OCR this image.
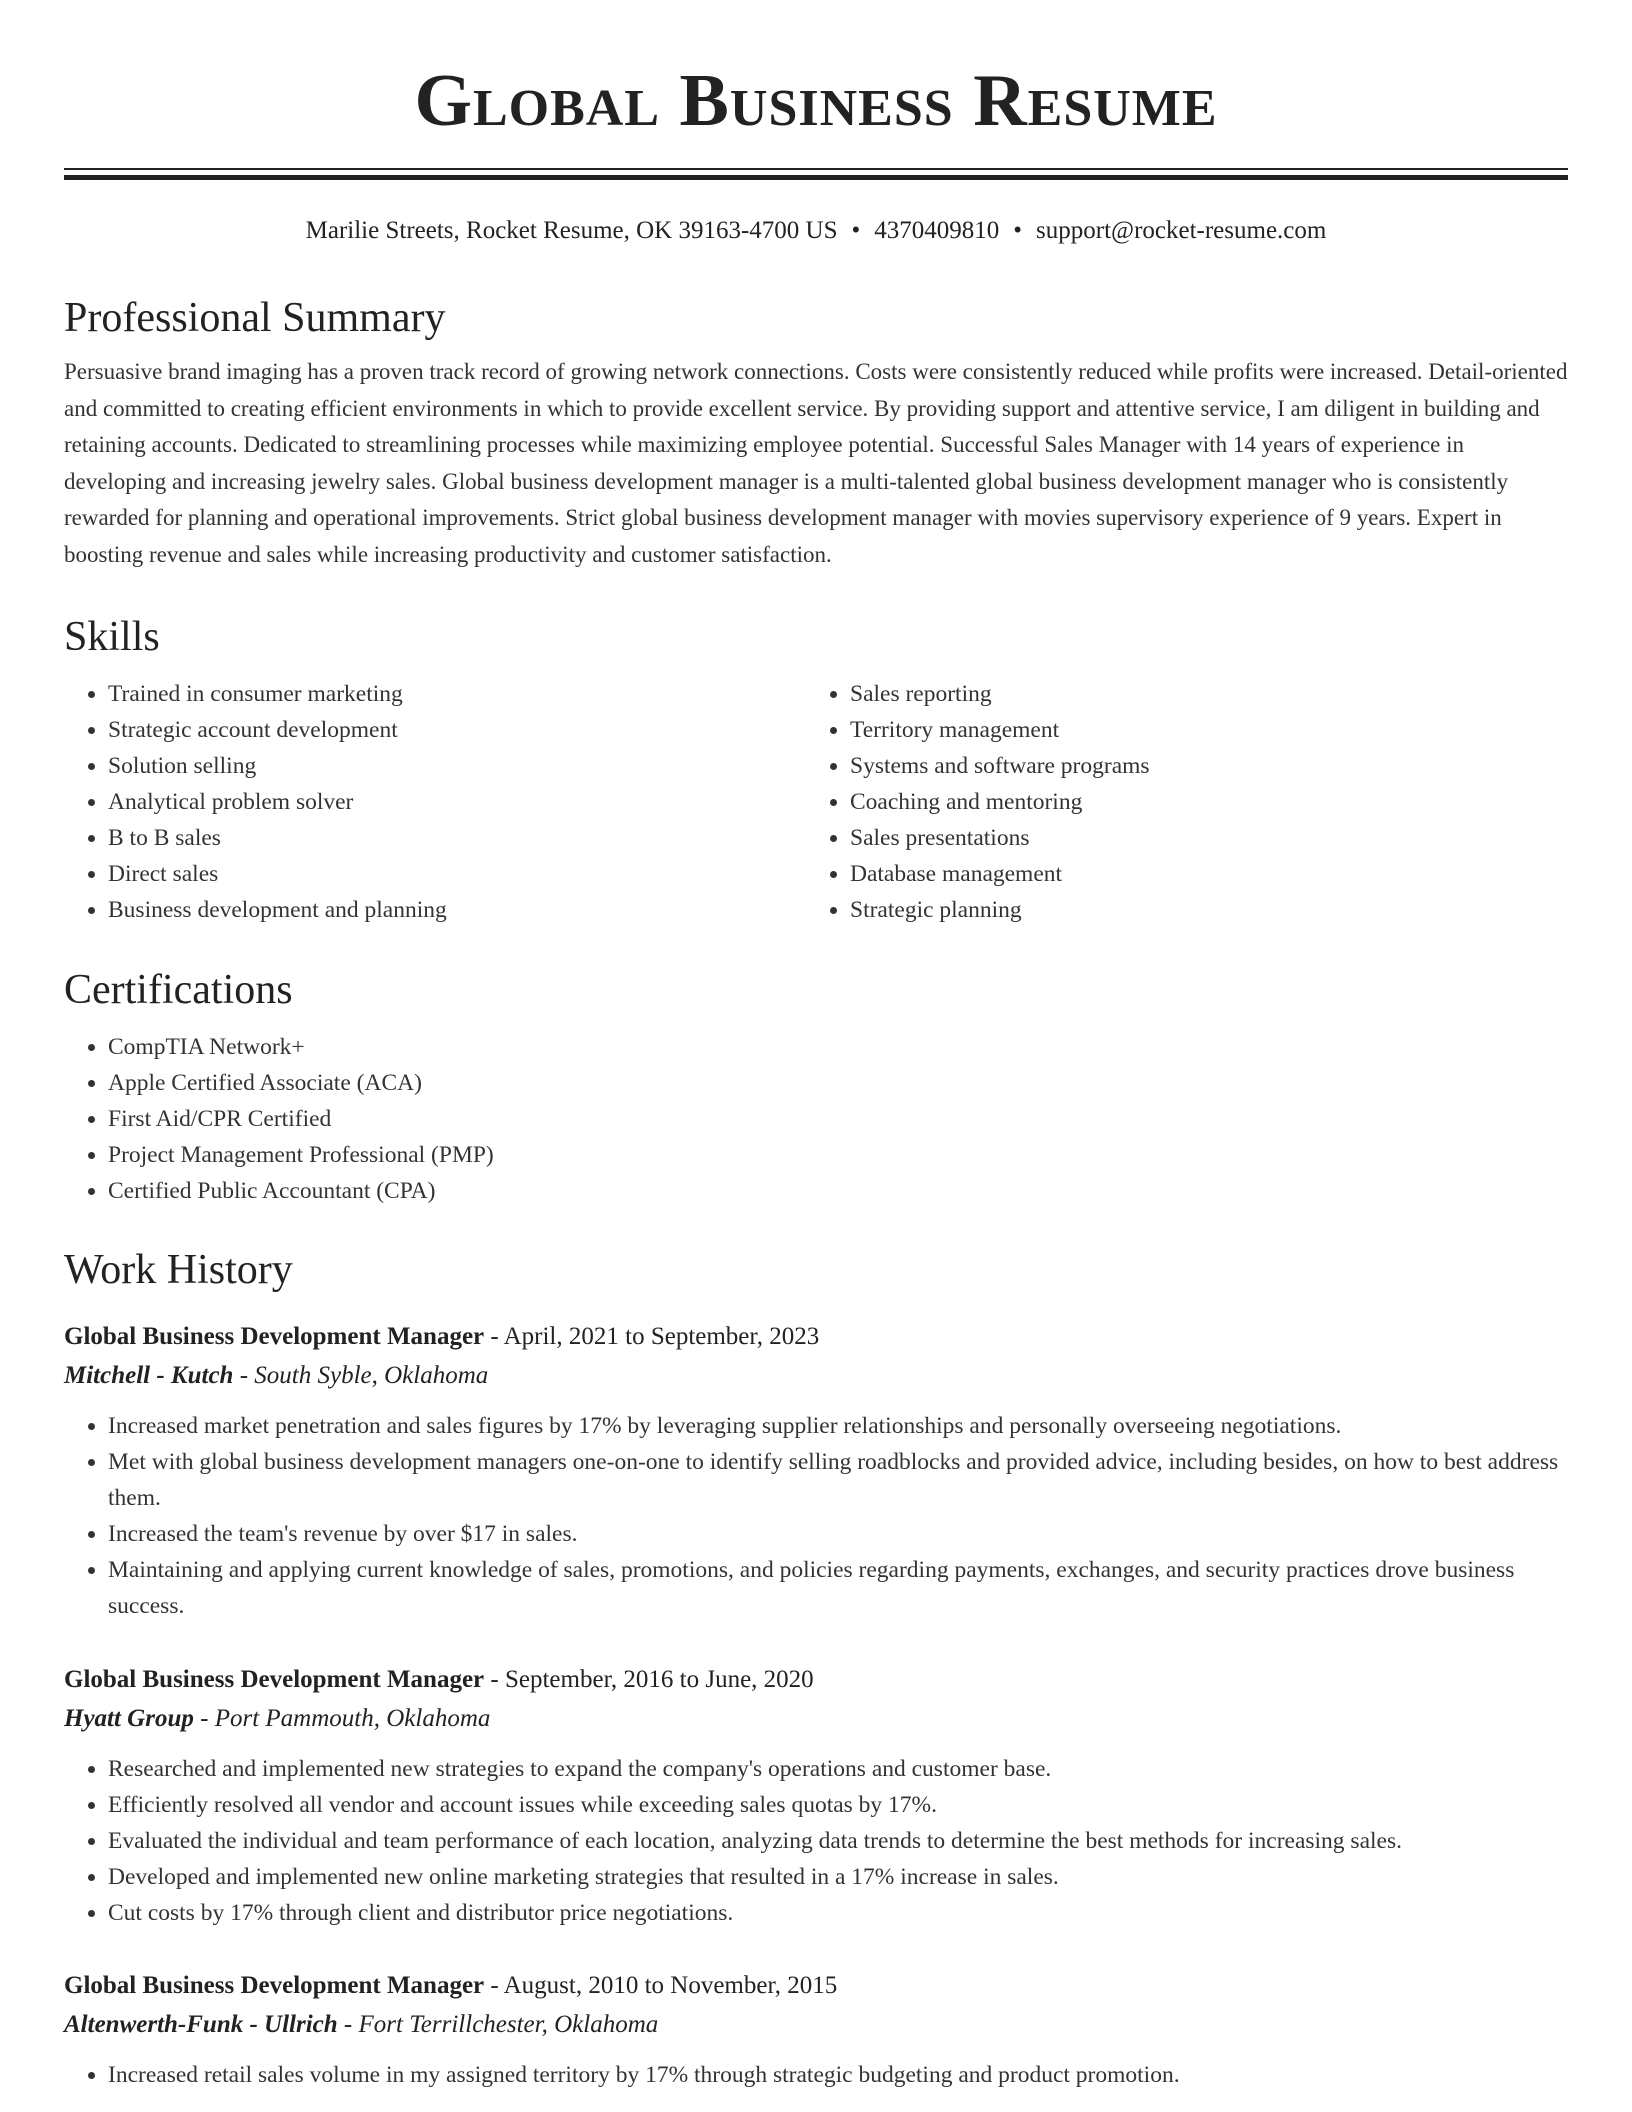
Global Business Resume
Marilie Streets, Rocket Resume, OK 39163-4700 US • 4370409810 • support@rocket-resume.com
Professional Summary

Persuasive brand imaging has a proven track record of growing network connections. Costs were consistently reduced while profits were increased. Detail-oriented and committed to creating efficient environments in which to provide excellent service. By providing support and attentive service, I am diligent in building and retaining accounts. Dedicated to streamlining processes while maximizing employee potential. Successful Sales Manager with 14 years of experience in developing and increasing jewelry sales. Global business development manager is a multi-talented global business development manager who is consistently rewarded for planning and operational improvements. Strict global business development manager with movies supervisory experience of 9 years. Expert in boosting revenue and sales while increasing productivity and customer satisfaction.

Skills
• Trained in consumer marketing
• Strategic account development
• Solution selling
• Analytical problem solver
• B to B sales
• Direct sales
• Business development and planning
• Sales reporting
• Territory management
• Systems and software programs
• Coaching and mentoring
• Sales presentations
• Database management
• Strategic planning
Certifications
• CompTIA Network+
• Apple Certified Associate (ACA)
• First Aid/CPR Certified
• Project Management Professional (PMP)
• Certified Public Accountant (CPA)
Work History
Global Business Development Manager - April, 2021 to September, 2023
Mitchell - Kutch - South Syble, Oklahoma
• Increased market penetration and sales figures by 17% by leveraging supplier relationships and personally overseeing negotiations.
• Met with global business development managers one-on-one to identify selling roadblocks and provided advice, including besides, on how to best address them.
• Increased the team's revenue by over $17 in sales.
• Maintaining and applying current knowledge of sales, promotions, and policies regarding payments, exchanges, and security practices drove business success.
Global Business Development Manager - September, 2016 to June, 2020
Hyatt Group - Port Pammouth, Oklahoma
• Researched and implemented new strategies to expand the company's operations and customer base.
• Efficiently resolved all vendor and account issues while exceeding sales quotas by 17%.
• Evaluated the individual and team performance of each location, analyzing data trends to determine the best methods for increasing sales.
• Developed and implemented new online marketing strategies that resulted in a 17% increase in sales.
• Cut costs by 17% through client and distributor price negotiations.
Global Business Development Manager - August, 2010 to November, 2015
Altenwerth-Funk - Ullrich - Fort Terrillchester, Oklahoma
• Increased retail sales volume in my assigned territory by 17% through strategic budgeting and product promotion.
